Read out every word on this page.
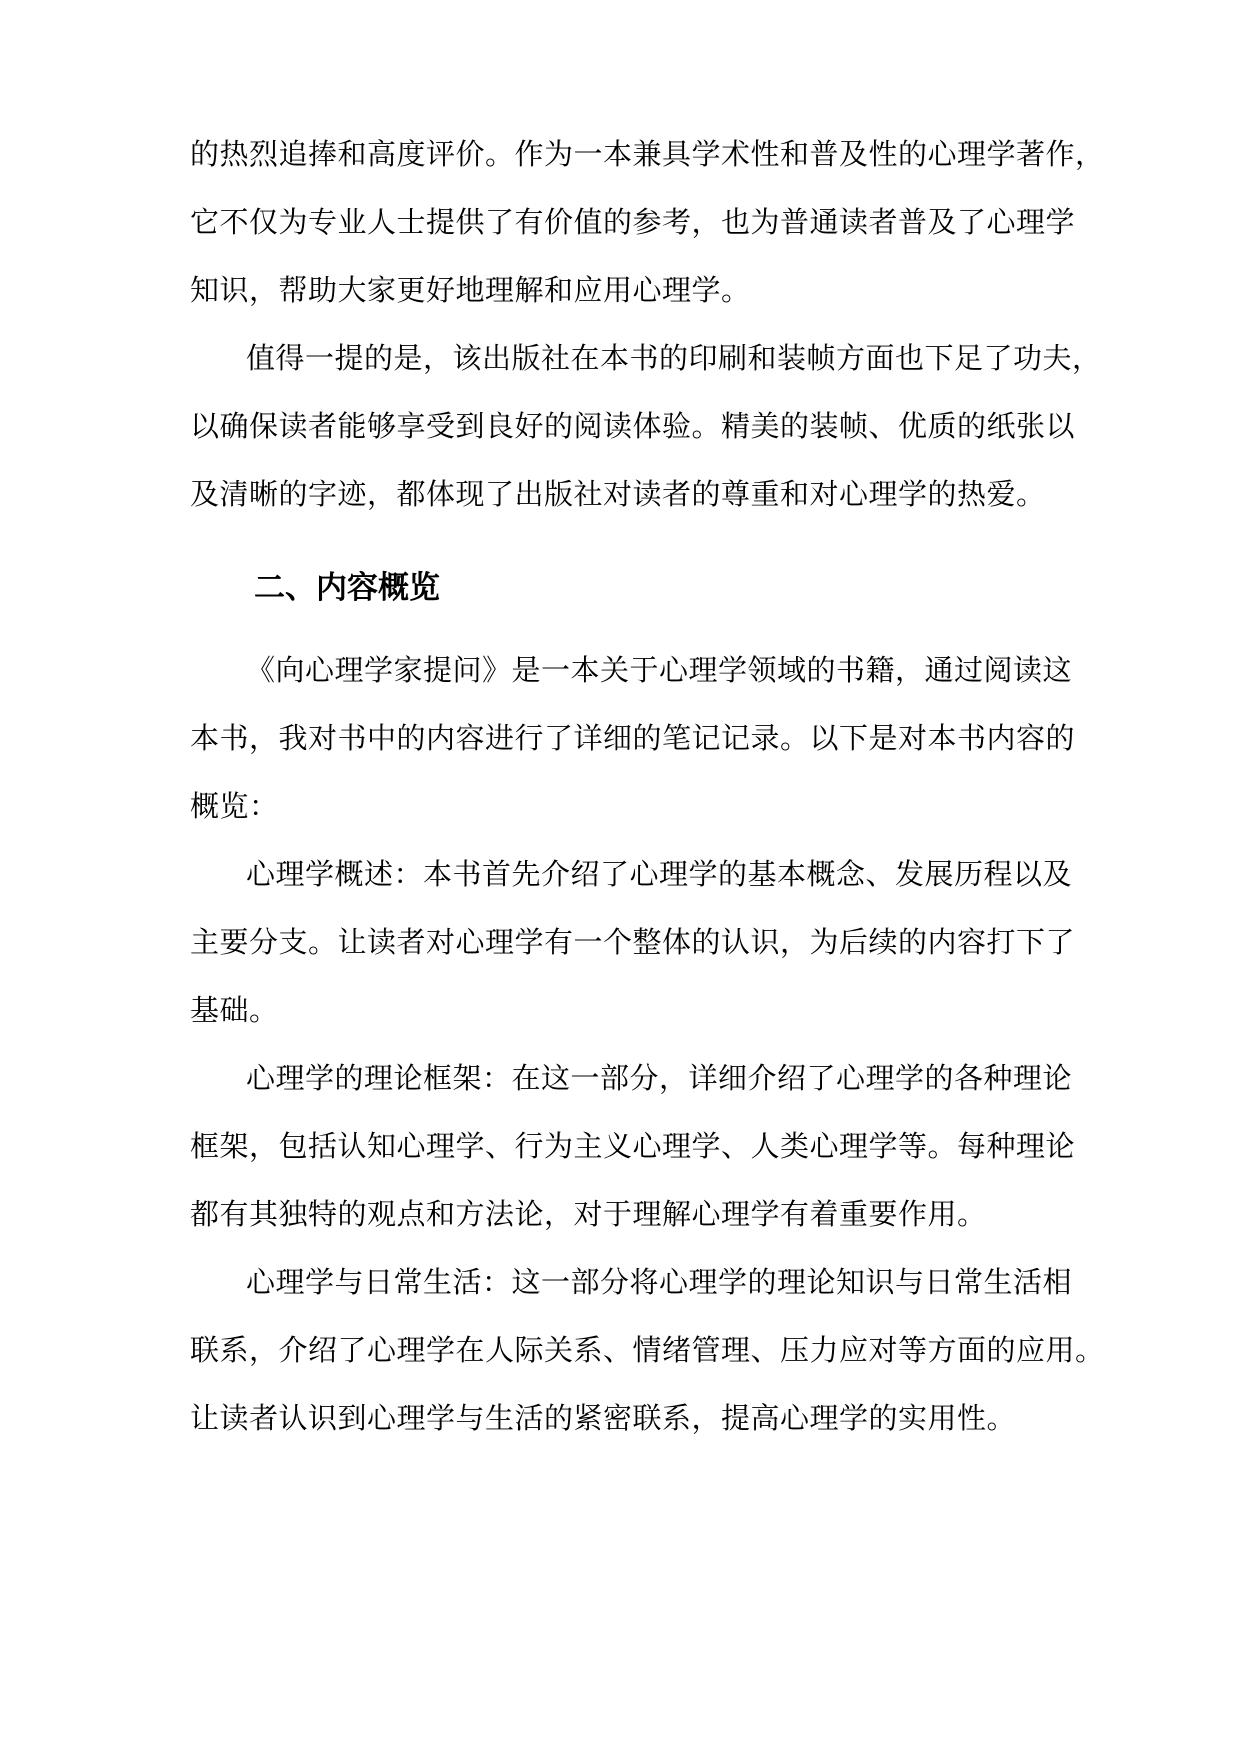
的热烈追捧和高度评价。作为一本兼具学术性和普及性的心理学著作，
它不仅为专业人士提供了有价值的参考，也为普通读者普及了心理学
知识，帮助大家更好地理解和应用心理学。
值得一提的是，该出版社在本书的印刷和装帧方面也下足了功夫，
以确保读者能够享受到良好的阅读体验。精美的装帧、优质的纸张以
及清晰的字迹，都体现了出版社对读者的尊重和对心理学的热爱。
二、内容概览
《向心理学家提问》是一本关于心理学领域的书籍，通过阅读这
本书，我对书中的内容进行了详细的笔记记录。以下是对本书内容的
概览：
心理学概述：本书首先介绍了心理学的基本概念、发展历程以及
主要分支。让读者对心理学有一个整体的认识，为后续的内容打下了
基础。
心理学的理论框架：在这一部分，详细介绍了心理学的各种理论
框架，包括认知心理学、行为主义心理学、人类心理学等。每种理论
都有其独特的观点和方法论，对于理解心理学有着重要作用。
心理学与日常生活：这一部分将心理学的理论知识与日常生活相
联系，介绍了心理学在人际关系、情绪管理、压力应对等方面的应用。
让读者认识到心理学与生活的紧密联系，提高心理学的实用性。
